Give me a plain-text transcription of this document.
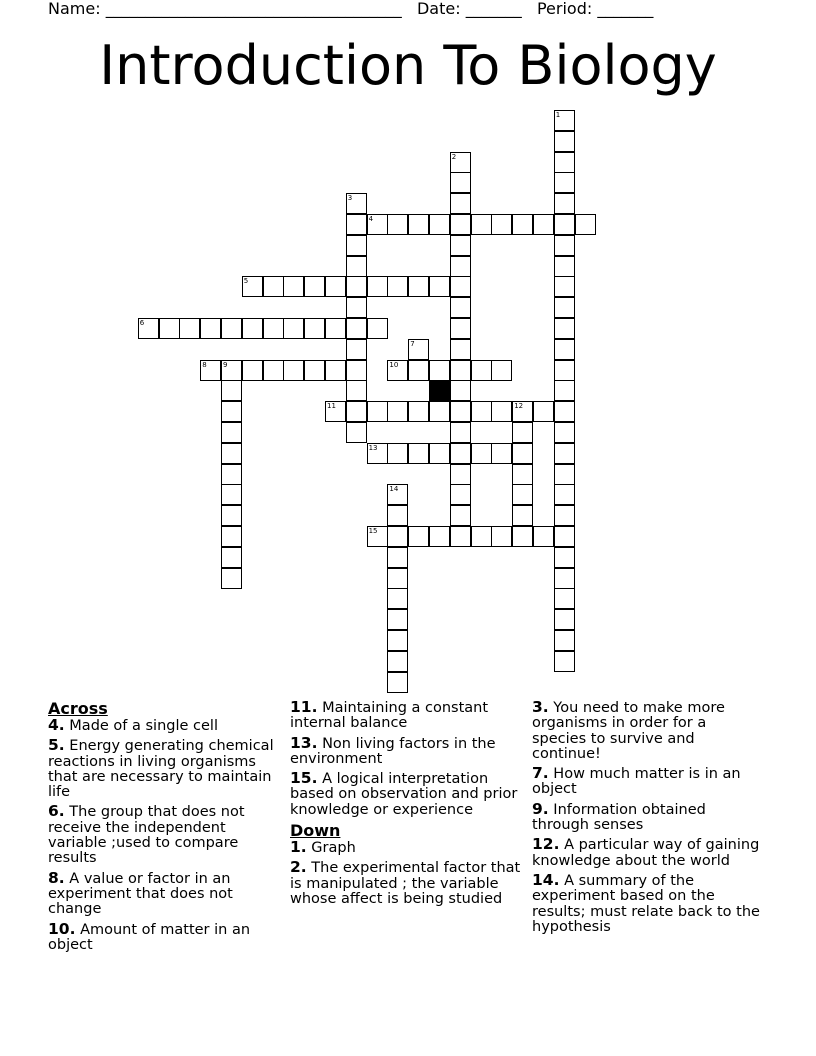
Name: _____________________________________ Date: _______ Period: _______
Introduction To Biology
1
2
3
4
5
6
7
8 9	10
11	12
13
14
15
Across
4. Made of a single cell
5. Energy generating chemical reactions in living organisms that are necessary to maintain life
6. The group that does not receive the independent variable ;used to compare results
8. A value or factor in an experiment that does not change
10. Amount of matter in an object
11. Maintaining a constant internal balance
13. Non living factors in the environment
15. A logical interpretation based on observation and prior knowledge or experience
Down
1. Graph
2. The experimental factor that is manipulated ; the variable whose affect is being studied
3. You need to make more organisms in order for a species to survive and continue!
7. How much matter is in an object
9. Information obtained through senses
12. A particular way of gaining knowledge about the world
14. A summary of the experiment based on the results; must relate back to the hypothesis
